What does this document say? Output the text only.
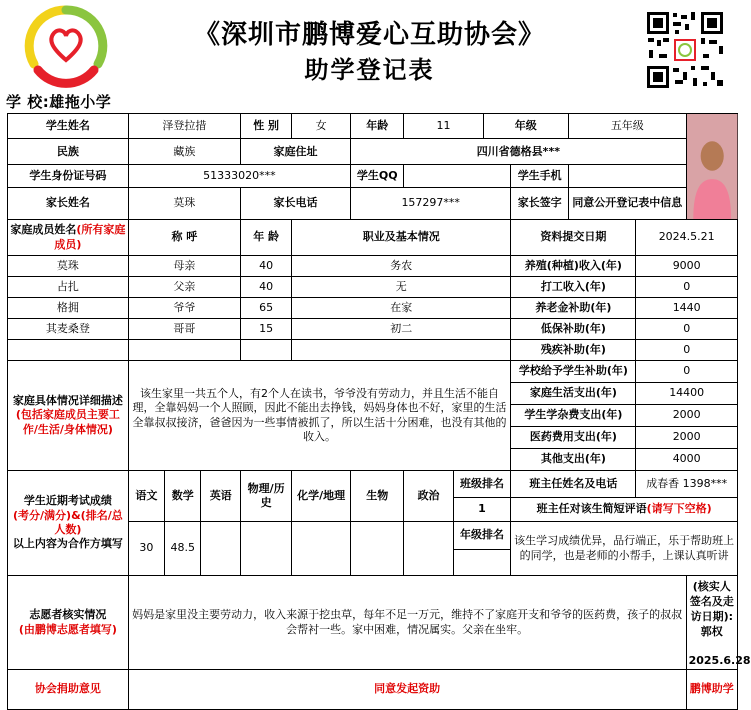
《深圳市鹏博爱心互助协会》
助学登记表
学 校:雄拖小学
学生姓名	泽登拉措			性 别	女	年龄	11		年级		五年级	

民族	藏族			家庭住址		四川省德格县***							
学生身份证号码	51333020***					学生QQ				学生手机			
家长姓名	莫珠			家长电话		157297***				家长签字	同意公开登记表中信息		
家庭成员姓名(所有家庭成员)	称 呼			年 龄	职业及基本情况					资料提交日期		2024.5.21	
莫珠	母亲			40	务农					养殖(种植)收入(年)		9000	
占扎	父亲			40	无					打工收入(年)		0	
格拥	爷爷			65	在家					养老金补助(年)		1440	
其麦桑登	哥哥			15	初二					低保补助(年)		0	
										残疾补助(年)		0	
家庭具体情况详细描述(包括家庭成员主要工作/生活/身体情况)	该生家里一共五个人，有2个人在读书，爷爷没有劳动力，并且生活不能自理，全靠妈妈一个人照顾，因此不能出去挣钱，妈妈身体也不好，家里的生活全靠叔叔接济，爸爸因为一些事情被抓了，所以生活十分困难，也没有其他的收入。									学校给予学生补助(年)		0	
										家庭生活支出(年)		14400	
										学生学杂费支出(年)		2000	
										医药费用支出(年)		2000	
										其他支出(年)		4000	
学生近期考试成绩
(考分/满分)&(排名/总人数)
以上内容为合作方填写	语文	数学	英语	物理/历史	化学/地理	生物	政治	班级排名		班主任姓名及电话		成春香 1398***	
								1		班主任对该生简短评语(请写下空格)			
	30	48.5						年级排名		该生学习成绩优异，品行端正，乐于帮助班上的同学，也是老师的小帮手，上课认真听讲			

志愿者核实情况
(由鹏博志愿者填写)	妈妈是家里没主要劳动力，收入来源于挖虫草，每年不足一万元，维持不了家庭开支和爷爷的医药费，孩子的叔叔会帮衬一些。家中困难，情况属实。父亲在坐牢。												(核实人签名及走访日期):
郭权

2025.6.28
协会捐助意见	同意发起资助												鹏博助学
